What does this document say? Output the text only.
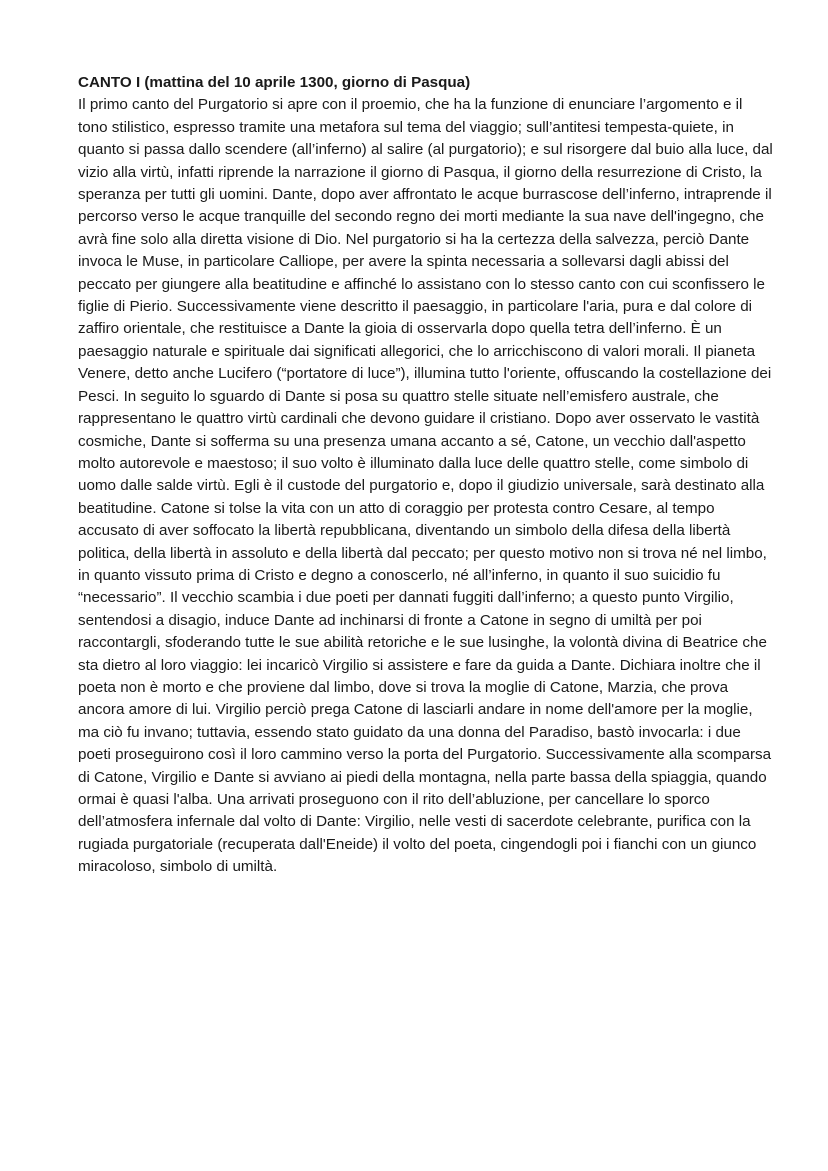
CANTO I (mattina del 10 aprile 1300, giorno di Pasqua)

Il primo canto del Purgatorio si apre con il proemio, che ha la funzione di enunciare l’argomento e il tono stilistico, espresso tramite una metafora sul tema del viaggio; sull’antitesi tempesta-quiete, in quanto si passa dallo scendere (all’inferno) al salire (al purgatorio); e sul risorgere dal buio alla luce, dal vizio alla virtù, infatti riprende la narrazione il giorno di Pasqua, il giorno della resurrezione di Cristo, la speranza per tutti gli uomini. Dante, dopo aver affrontato le acque burrascose dell’inferno, intraprende il percorso verso le acque tranquille del secondo regno dei morti mediante la sua nave dell'ingegno, che avrà fine solo alla diretta visione di Dio. Nel purgatorio si ha la certezza della salvezza, perciò Dante invoca le Muse, in particolare Calliope, per avere la spinta necessaria a sollevarsi dagli abissi del peccato per giungere alla beatitudine e affinché lo assistano con lo stesso canto con cui sconfissero le figlie di Pierio. Successivamente viene descritto il paesaggio, in particolare l'aria, pura e dal colore di zaffiro orientale, che restituisce a Dante la gioia di osservarla dopo quella tetra dell’inferno. È un paesaggio naturale e spirituale dai significati allegorici, che lo arricchiscono di valori morali. Il pianeta Venere, detto anche Lucifero (“portatore di luce”), illumina tutto l'oriente, offuscando la costellazione dei Pesci. In seguito lo sguardo di Dante si posa su quattro stelle situate nell’emisfero australe, che rappresentano le quattro virtù cardinali che devono guidare il cristiano. Dopo aver osservato le vastità cosmiche, Dante si sofferma su una presenza umana accanto a sé, Catone, un vecchio dall'aspetto molto autorevole e maestoso; il suo volto è illuminato dalla luce delle quattro stelle, come simbolo di uomo dalle salde virtù. Egli è il custode del purgatorio e, dopo il giudizio universale, sarà destinato alla beatitudine. Catone si tolse la vita con un atto di coraggio per protesta contro Cesare, al tempo accusato di aver soffocato la libertà repubblicana, diventando un simbolo della difesa della libertà politica, della libertà in assoluto e della libertà dal peccato; per questo motivo non si trova né nel limbo, in quanto vissuto prima di Cristo e degno a conoscerlo, né all’inferno, in quanto il suo suicidio fu “necessario”. Il vecchio scambia i due poeti per dannati fuggiti dall’inferno; a questo punto Virgilio, sentendosi a disagio, induce Dante ad inchinarsi di fronte a Catone in segno di umiltà per poi raccontargli, sfoderando tutte le sue abilità retoriche e le sue lusinghe, la volontà divina di Beatrice che sta dietro al loro viaggio: lei incaricò Virgilio si assistere e fare da guida a Dante. Dichiara inoltre che il poeta non è morto e che proviene dal limbo, dove si trova la moglie di Catone, Marzia, che prova ancora amore di lui. Virgilio perciò prega Catone di lasciarli andare in nome dell'amore per la moglie, ma ciò fu invano; tuttavia, essendo stato guidato da una donna del Paradiso, bastò invocarla: i due poeti proseguirono così il loro cammino verso la porta del Purgatorio. Successivamente alla scomparsa di Catone, Virgilio e Dante si avviano ai piedi della montagna, nella parte bassa della spiaggia, quando ormai è quasi l'alba. Una arrivati proseguono con il rito dell’abluzione, per cancellare lo sporco dell’atmosfera infernale dal volto di Dante: Virgilio, nelle vesti di sacerdote celebrante, purifica con la rugiada purgatoriale (recuperata dall'Eneide) il volto del poeta, cingendogli poi i fianchi con un giunco miracoloso, simbolo di umiltà.
